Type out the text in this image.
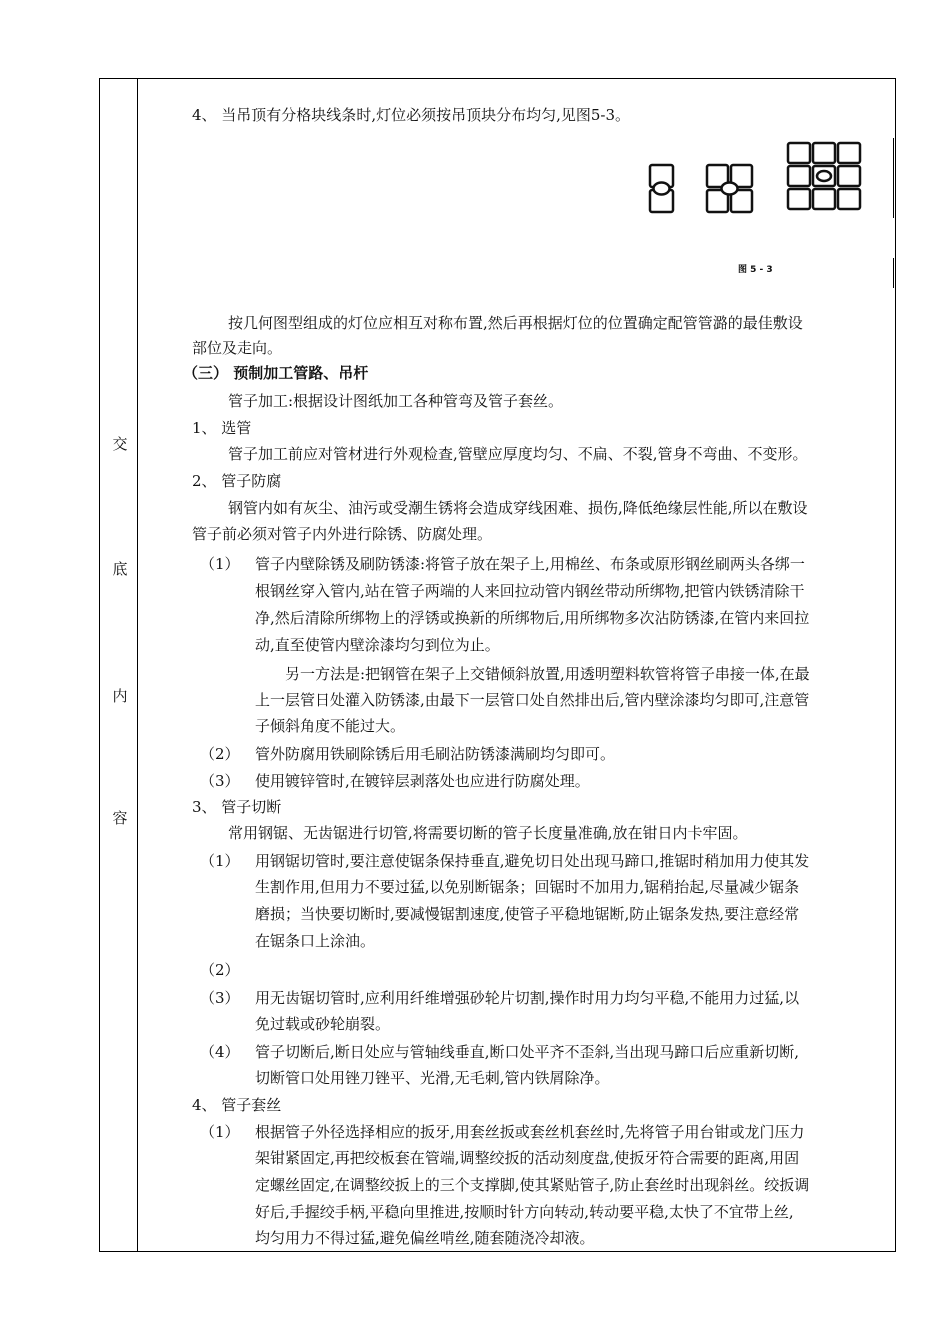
交
底
内
容
4、 当吊顶有分格块线条时,灯位必须按吊顶块分布均匀,见图5-3。
图 5 - 3
按几何图型组成的灯位应相互对称布置,然后再根据灯位的位置确定配管管潞的最佳敷设
部位及走向。
（三） 预制加工管路、吊杆
管子加工:根据设计图纸加工各种管弯及管子套丝。
1、 选管
管子加工前应对管材进行外观检查,管壁应厚度均匀、不扁、不裂,管身不弯曲、不变形。
2、 管子防腐
钢管内如有灰尘、油污或受潮生锈将会造成穿线困难、损伤,降低绝缘层性能,所以在敷设
管子前必须对管子内外进行除锈、防腐处理。
（1） 管子内壁除锈及刷防锈漆:将管子放在架子上,用棉丝、布条或原形钢丝刷两头各绑一
根钢丝穿入管内,站在管子两端的人来回拉动管内钢丝带动所绑物,把管内铁锈清除干
净,然后清除所绑物上的浮锈或换新的所绑物后,用所绑物多次沾防锈漆,在管内来回拉
动,直至使管内壁涂漆均匀到位为止。
另一方法是:把钢管在架子上交错倾斜放置,用透明塑料软管将管子串接一体,在最
上一层管日处灌入防锈漆,由最下一层管口处自然排出后,管内壁涂漆均匀即可,注意管
子倾斜角度不能过大。
（2） 管外防腐用铁刷除锈后用毛刷沾防锈漆满刷均匀即可。
（3） 使用镀锌管时,在镀锌层剥落处也应进行防腐处理。
3、 管子切断
常用钢锯、无齿锯进行切管,将需要切断的管子长度量准确,放在钳日内卡牢固。
（1） 用钢锯切管时,要注意使锯条保持垂直,避免切日处出现马蹄口,推锯时稍加用力使其发
生割作用,但用力不要过猛,以免别断锯条；回锯时不加用力,锯稍抬起,尽量减少锯条
磨损；当快要切断时,要减慢锯割速度,使管子平稳地锯断,防止锯条发热,要注意经常
在锯条口上涂油。
（2）
（3） 用无齿锯切管时,应利用纤维增强砂轮片切割,操作时用力均匀平稳,不能用力过猛,以
免过载或砂轮崩裂。
（4） 管子切断后,断日处应与管轴线垂直,断口处平齐不歪斜,当出现马蹄口后应重新切断,
切断管口处用锉刀锉平、光滑,无毛刺,管内铁屑除净。
4、 管子套丝
（1） 根据管子外径选择相应的扳牙,用套丝扳或套丝机套丝时,先将管子用台钳或龙门压力
架钳紧固定,再把绞板套在管端,调整绞扳的活动刻度盘,使扳牙符合需要的距离,用固
定螺丝固定,在调整绞扳上的三个支撑脚,使其紧贴管子,防止套丝时出现斜丝。绞扳调
好后,手握绞手柄,平稳向里推进,按顺时针方向转动,转动要平稳,太快了不宜带上丝,
均匀用力不得过猛,避免偏丝啃丝,随套随浇冷却液。
